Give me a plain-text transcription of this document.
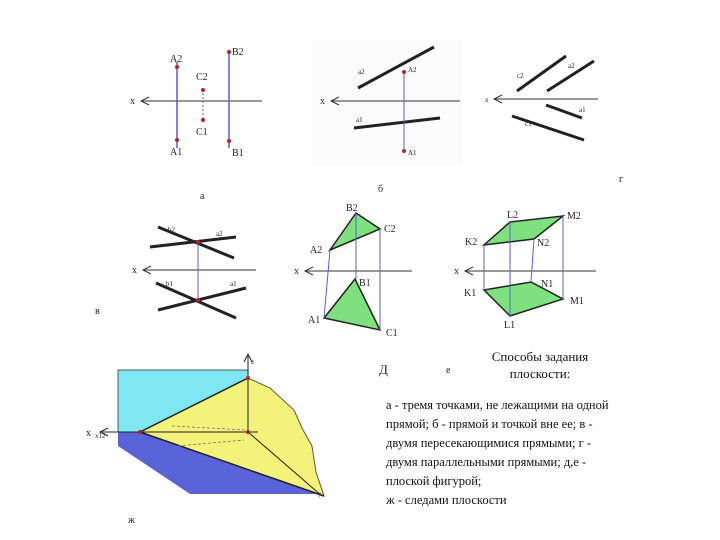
x
A2
A1
B2
B1
C2
C1
а
x
a2	A2
a1
A1
б
x
c2
a2
a1
c1
г
x
b2	a2
b1	a1
в
x
B2
A2
C2
B1
A1
C1
Д
x
L2	M2
K2	N2
K1
N1
M1
L1
е
x x12
z
y
ж
Способы задания плоскости:
а - тремя точками, не лежащими на одной
прямой; б - прямой и точкой вне ее; в -
двумя пересекающимися прямыми; г -
двумя параллельными прямыми; д,е -
плоской фигурой;
ж - следами плоскости
